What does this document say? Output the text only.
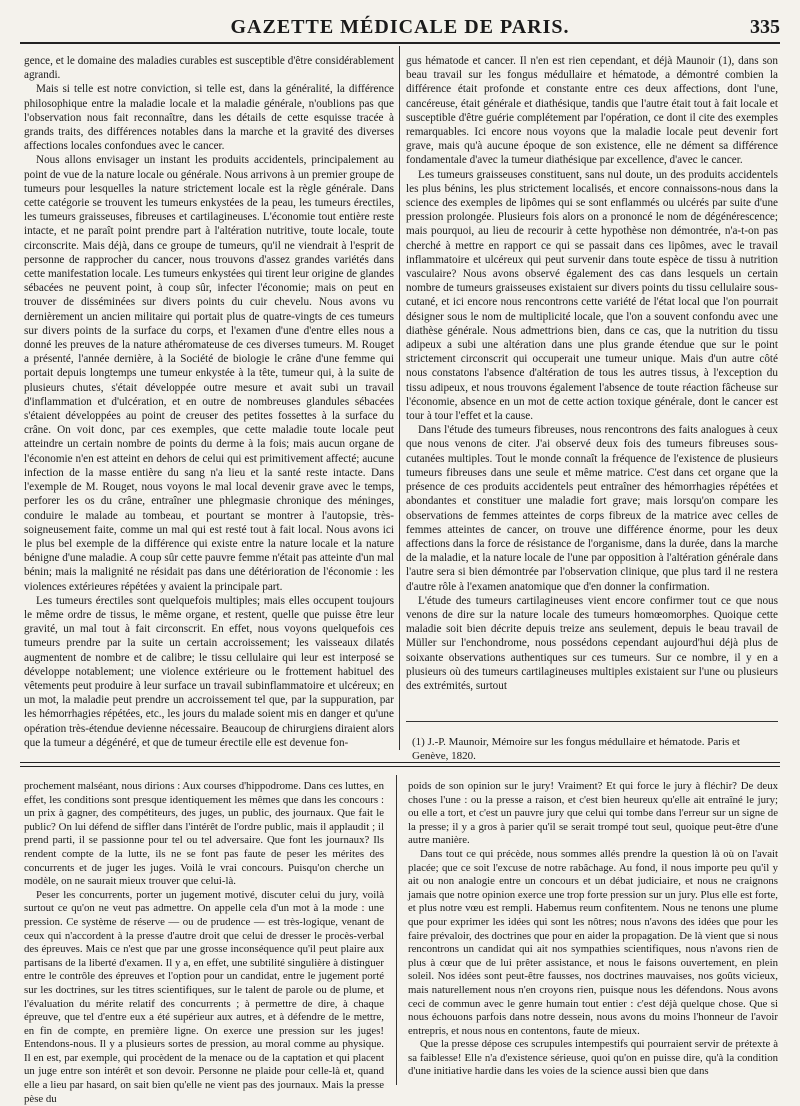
GAZETTE MÉDICALE DE PARIS.	335

gence, et le domaine des maladies curables est susceptible d'être considérablement agrandi.

Mais si telle est notre conviction, si telle est, dans la généralité, la différence philosophique entre la maladie locale et la maladie générale, n'oublions pas que l'observation nous fait reconnaître, dans les détails de cette esquisse tracée à grands traits, des différences notables dans la marche et la gravité des diverses affections locales confondues avec le cancer.

Nous allons envisager un instant les produits accidentels, principalement au point de vue de la nature locale ou générale. Nous arrivons à un premier groupe de tumeurs pour lesquelles la nature strictement locale est la règle générale. Dans cette catégorie se trouvent les tumeurs enkystées de la peau, les tumeurs érectiles, les tumeurs graisseuses, fibreuses et cartilagineuses. L'économie tout entière reste intacte, et ne paraît point prendre part à l'altération nutritive, toute locale, toute circonscrite. Mais déjà, dans ce groupe de tumeurs, qu'il ne viendrait à l'esprit de personne de rapprocher du cancer, nous trouvons d'assez grandes variétés dans cette manifestation locale. Les tumeurs enkystées qui tirent leur origine de glandes sébacées ne peuvent point, à coup sûr, infecter l'économie; mais on peut en trouver de disséminées sur divers points du cuir chevelu. Nous avons vu dernièrement un ancien militaire qui portait plus de quatre-vingts de ces tumeurs sur divers points de la surface du corps, et l'examen d'une d'entre elles nous a donné les preuves de la nature athéromateuse de ces diverses tumeurs. M. Rouget a présenté, l'année dernière, à la Société de biologie le crâne d'une femme qui portait depuis longtemps une tumeur enkystée à la tête, tumeur qui, à la suite de plusieurs chutes, s'était développée outre mesure et avait subi un travail d'inflammation et d'ulcération, et en outre de nombreuses glandules sébacées s'étaient développées au point de creuser des petites fossettes à la surface du crâne. On voit donc, par ces exemples, que cette maladie toute locale peut atteindre un certain nombre de points du derme à la fois; mais aucun organe de l'économie n'en est atteint en dehors de celui qui est primitivement affecté; aucune infection de la masse entière du sang n'a lieu et la santé reste intacte. Dans l'exemple de M. Rouget, nous voyons le mal local devenir grave avec le temps, perforer les os du crâne, entraîner une phlegmasie chronique des méninges, conduire le malade au tombeau, et pourtant se montrer à l'autopsie, très-soigneusement faite, comme un mal qui est resté tout à fait local. Nous avons ici le plus bel exemple de la différence qui existe entre la nature locale et la nature bénigne d'une maladie. A coup sûr cette pauvre femme n'était pas atteinte d'un mal bénin; mais la malignité ne résidait pas dans une détérioration de l'économie : les violences extérieures répétées y avaient la principale part.

Les tumeurs érectiles sont quelquefois multiples; mais elles occupent toujours le même ordre de tissus, le même organe, et restent, quelle que puisse être leur gravité, un mal tout à fait circonscrit. En effet, nous voyons quelquefois ces tumeurs prendre par la suite un certain accroissement; les vaisseaux dilatés augmentent de nombre et de calibre; le tissu cellulaire qui leur est interposé se développe notablement; une violence extérieure ou le frottement habituel des vêtements peut produire à leur surface un travail subinflammatoire et ulcéreux; en un mot, la maladie peut prendre un accroissement tel que, par la suppuration, par les hémorrhagies répétées, etc., les jours du malade soient mis en danger et qu'une opération très-étendue devienne nécessaire. Beaucoup de chirurgiens diraient alors que la tumeur a dégénéré, et que de tumeur érectile elle est devenue fon-

gus hématode et cancer. Il n'en est rien cependant, et déjà Maunoir (1), dans son beau travail sur les fongus médullaire et hématode, a démontré combien la différence était profonde et constante entre ces deux affections, dont l'une, cancéreuse, était générale et diathésique, tandis que l'autre était tout à fait locale et susceptible d'être guérie complétement par l'opération, ce dont il cite des exemples remarquables. Ici encore nous voyons que la maladie locale peut devenir fort grave, mais qu'à aucune époque de son existence, elle ne dément sa différence fondamentale d'avec la tumeur diathésique par excellence, d'avec le cancer.

Les tumeurs graisseuses constituent, sans nul doute, un des produits accidentels les plus bénins, les plus strictement localisés, et encore connaissons-nous dans la science des exemples de lipômes qui se sont enflammés ou ulcérés par suite d'une pression prolongée. Plusieurs fois alors on a prononcé le nom de dégénérescence; mais pourquoi, au lieu de recourir à cette hypothèse non démontrée, n'a-t-on pas cherché à mettre en rapport ce qui se passait dans ces lipômes, avec le travail inflammatoire et ulcéreux qui peut survenir dans toute espèce de tissu à nutrition vasculaire? Nous avons observé également des cas dans lesquels un certain nombre de tumeurs graisseuses existaient sur divers points du tissu cellulaire sous-cutané, et ici encore nous rencontrons cette variété de l'état local que l'on pourrait désigner sous le nom de multiplicité locale, que l'on a souvent confondu avec une diathèse générale. Nous admettrions bien, dans ce cas, que la nutrition du tissu adipeux a subi une altération dans une plus grande étendue que sur le point strictement circonscrit qui occuperait une tumeur unique. Mais d'un autre côté nous constatons l'absence d'altération de tous les autres tissus, à l'exception du tissu adipeux, et nous trouvons également l'absence de toute réaction fâcheuse sur l'économie, absence en un mot de cette action toxique générale, dont le cancer est tour à tour l'effet et la cause.

Dans l'étude des tumeurs fibreuses, nous rencontrons des faits analogues à ceux que nous venons de citer. J'ai observé deux fois des tumeurs fibreuses sous-cutanées multiples. Tout le monde connaît la fréquence de l'existence de plusieurs tumeurs fibreuses dans une seule et même matrice. C'est dans cet organe que la présence de ces produits accidentels peut entraîner des hémorrhagies répétées et abondantes et constituer une maladie fort grave; mais lorsqu'on compare les observations de femmes atteintes de corps fibreux de la matrice avec celles de femmes atteintes de cancer, on trouve une différence énorme, pour les deux affections dans la force de résistance de l'organisme, dans la durée, dans la marche de la maladie, et la nature locale de l'une par opposition à l'altération générale dans l'autre sera si bien démontrée par l'observation clinique, que plus tard il ne restera d'autre rôle à l'examen anatomique que d'en donner la confirmation.

L'étude des tumeurs cartilagineuses vient encore confirmer tout ce que nous venons de dire sur la nature locale des tumeurs homœomorphes. Quoique cette maladie soit bien décrite depuis treize ans seulement, depuis le beau travail de Müller sur l'enchondrome, nous possédons cependant aujourd'hui déjà plus de soixante observations authentiques sur ces tumeurs. Sur ce nombre, il y en a plusieurs où des tumeurs cartilagineuses multiples existaient sur l'une ou plusieurs des extrémités, surtout

(1) J.-P. Maunoir, Mémoire sur les fongus médullaire et hématode. Paris et Genève, 1820.

prochement malséant, nous dirions : Aux courses d'hippodrome. Dans ces luttes, en effet, les conditions sont presque identiquement les mêmes que dans les concours : un prix à gagner, des compétiteurs, des juges, un public, des journaux. Que fait le public? On lui défend de siffler dans l'intérêt de l'ordre public, mais il applaudit ; il prend parti, il se passionne pour tel ou tel adversaire. Que font les journaux? Ils rendent compte de la lutte, ils ne se font pas faute de peser les mérites des concurrents et de juger les juges. Voilà le vrai concours. Puisqu'on cherche un modèle, on ne saurait mieux trouver que celui-là.

Peser les concurrents, porter un jugement motivé, discuter celui du jury, voilà surtout ce qu'on ne veut pas admettre. On appelle cela d'un mot à la mode : une pression. Ce système de réserve — ou de prudence — est très-logique, venant de ceux qui n'accordent à la presse d'autre droit que celui de dresser le procès-verbal des épreuves. Mais ce n'est que par une grosse inconséquence qu'il peut plaire aux partisans de la liberté d'examen. Il y a, en effet, une subtilité singulière à distinguer entre le contrôle des épreuves et l'option pour un candidat, entre le jugement porté sur les doctrines, sur les titres scientifiques, sur le talent de parole ou de plume, et l'évaluation du mérite relatif des concurrents ; à permettre de dire, à chaque épreuve, que tel d'entre eux a été supérieur aux autres, et à défendre de le mettre, en fin de compte, en première ligne. On exerce une pression sur les juges! Entendons-nous. Il y a plusieurs sortes de pression, au moral comme au physique. Il en est, par exemple, qui procèdent de la menace ou de la captation et qui placent un juge entre son intérêt et son devoir. Personne ne plaide pour celle-là et, quand elle a lieu par hasard, on sait bien qu'elle ne vient pas des journaux. Mais la presse pèse du

poids de son opinion sur le jury! Vraiment? Et qui force le jury à fléchir? De deux choses l'une : ou la presse a raison, et c'est bien heureux qu'elle ait entraîné le jury; ou elle a tort, et c'est un pauvre jury que celui qui tombe dans l'erreur sur un signe de la presse; il y a gros à parier qu'il se serait trompé tout seul, quoique peut-être d'une autre manière.

Dans tout ce qui précède, nous sommes allés prendre la question là où on l'avait placée; que ce soit l'excuse de notre rabâchage. Au fond, il nous importe peu qu'il y ait ou non analogie entre un concours et un débat judiciaire, et nous ne craignons jamais que notre opinion exerce une trop forte pression sur un jury. Plus elle est forte, et plus notre vœu est rempli. Habemus reum confitentem. Nous ne tenons une plume que pour exprimer les idées qui sont les nôtres; nous n'avons des idées que pour les faire prévaloir, des doctrines que pour en aider la propagation. De là vient que si nous rencontrons un candidat qui ait nos sympathies scientifiques, nous n'avons rien de plus à cœur que de lui prêter assistance, et nous le faisons ouvertement, en plein soleil. Nos idées sont peut-être fausses, nos doctrines mauvaises, nos goûts vicieux, mais naturellement nous n'en croyons rien, puisque nous les défendons. Nous avons ceci de commun avec le genre humain tout entier : c'est déjà quelque chose. Que si nous échouons parfois dans notre dessein, nous avons du moins l'honneur de l'avoir entrepris, et nous nous en contentons, faute de mieux.

Que la presse dépose ces scrupules intempestifs qui pourraient servir de prétexte à sa faiblesse! Elle n'a d'existence sérieuse, quoi qu'on en puisse dire, qu'à la condition d'une initiative hardie dans les voies de la science aussi bien que dans
